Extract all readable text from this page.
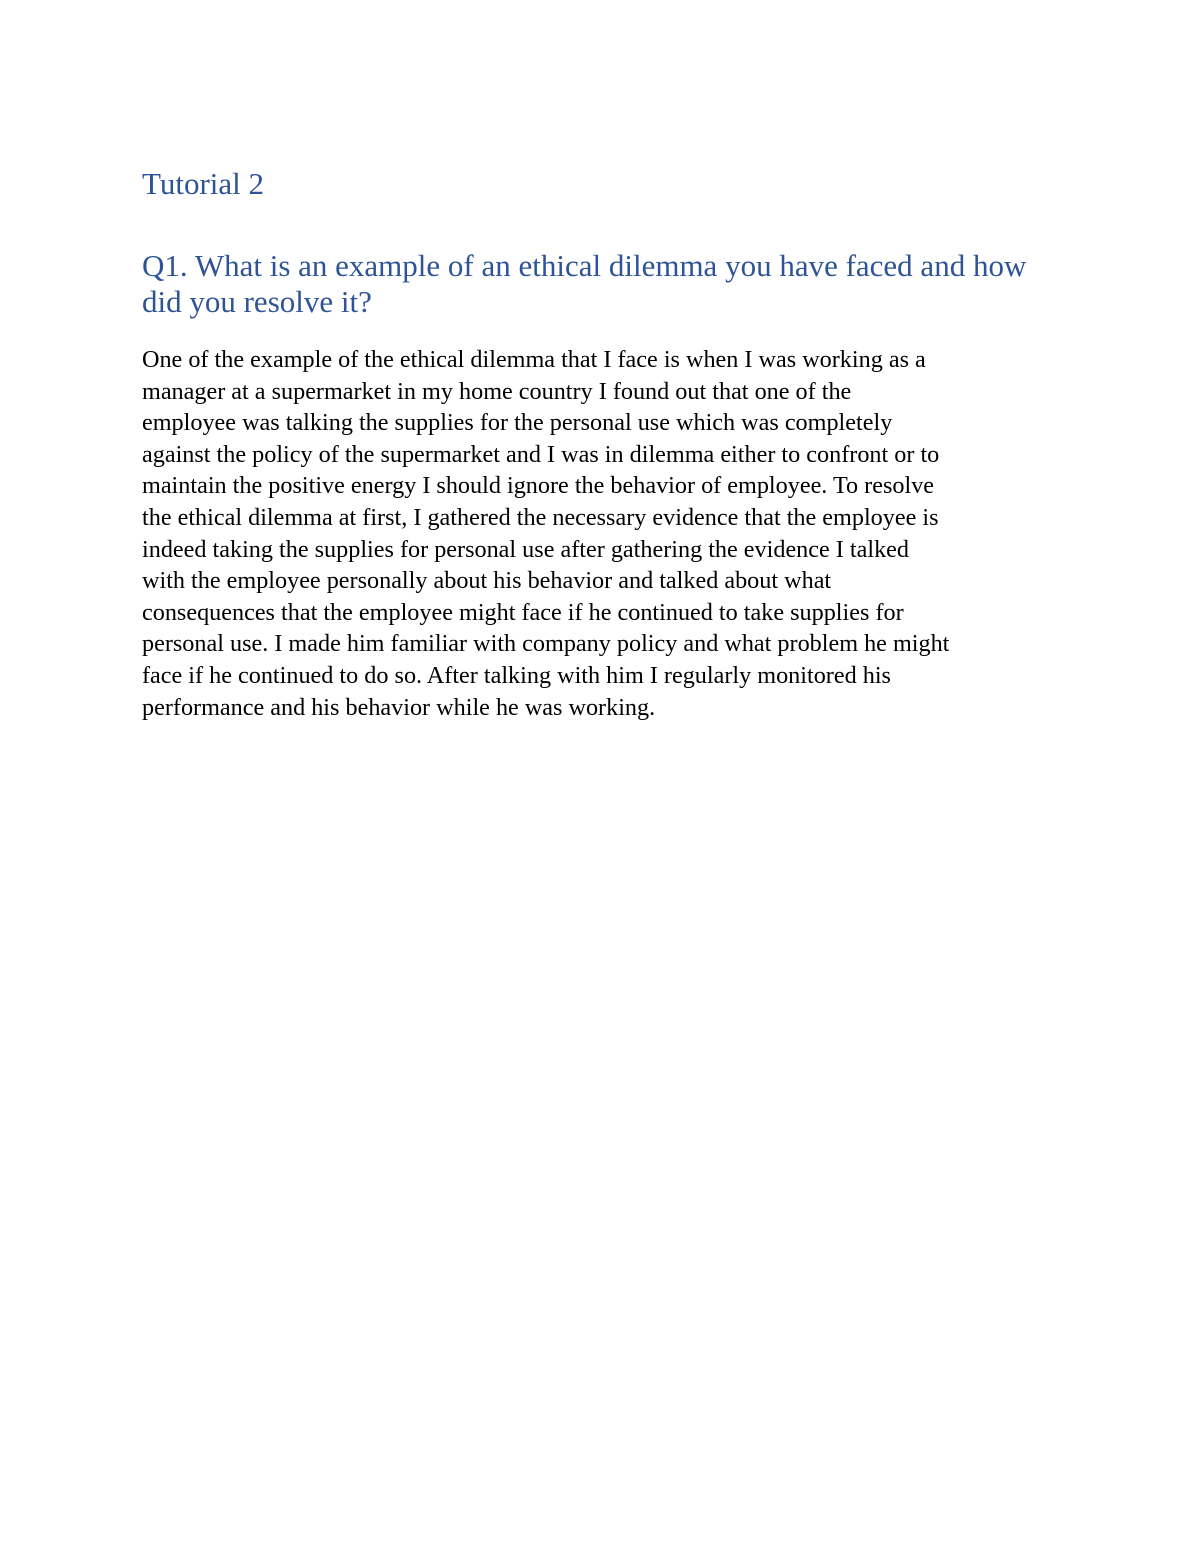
Tutorial 2
Q1. What is an example of an ethical dilemma you have faced and how
did you resolve it?

One of the example of the ethical dilemma that I face is when I was working as a
manager at a supermarket in my home country I found out that one of the
employee was talking the supplies for the personal use which was completely
against the policy of the supermarket and I was in dilemma either to confront or to
maintain the positive energy I should ignore the behavior of employee. To resolve
the ethical dilemma at first, I gathered the necessary evidence that the employee is
indeed taking the supplies for personal use after gathering the evidence I talked
with the employee personally about his behavior and talked about what
consequences that the employee might face if he continued to take supplies for
personal use. I made him familiar with company policy and what problem he might
face if he continued to do so. After talking with him I regularly monitored his
performance and his behavior while he was working.
